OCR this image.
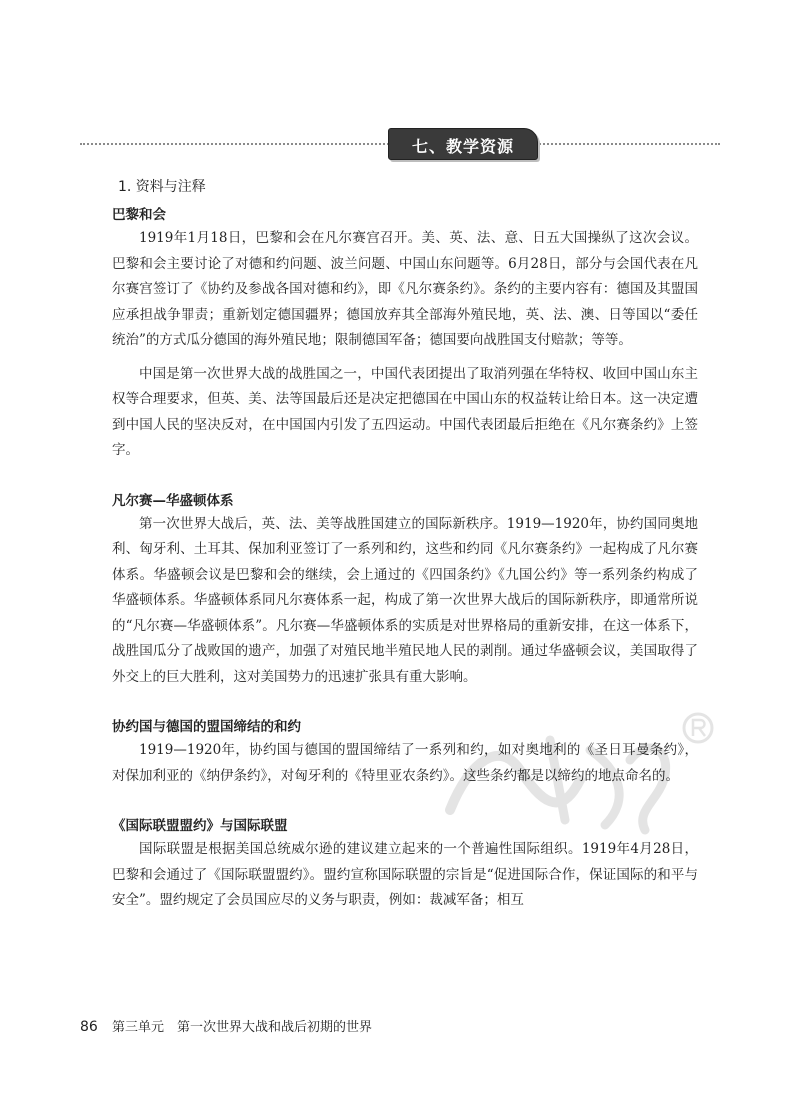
七、教学资源

1. 资料与注释

巴黎和会

1919年1月18日，巴黎和会在凡尔赛宫召开。美、英、法、意、日五大国操纵了这次会议。巴黎和会主要讨论了对德和约问题、波兰问题、中国山东问题等。6月28日，部分与会国代表在凡尔赛宫签订了《协约及参战各国对德和约》，即《凡尔赛条约》。条约的主要内容有：德国及其盟国应承担战争罪责；重新划定德国疆界；德国放弃其全部海外殖民地，英、法、澳、日等国以“委任统治”的方式瓜分德国的海外殖民地；限制德国军备；德国要向战胜国支付赔款；等等。

中国是第一次世界大战的战胜国之一，中国代表团提出了取消列强在华特权、收回中国山东主权等合理要求，但英、美、法等国最后还是决定把德国在中国山东的权益转让给日本。这一决定遭到中国人民的坚决反对，在中国国内引发了五四运动。中国代表团最后拒绝在《凡尔赛条约》上签字。

凡尔赛—华盛顿体系

第一次世界大战后，英、法、美等战胜国建立的国际新秩序。1919—1920年，协约国同奥地利、匈牙利、土耳其、保加利亚签订了一系列和约，这些和约同《凡尔赛条约》一起构成了凡尔赛体系。华盛顿会议是巴黎和会的继续，会上通过的《四国条约》《九国公约》等一系列条约构成了华盛顿体系。华盛顿体系同凡尔赛体系一起，构成了第一次世界大战后的国际新秩序，即通常所说的“凡尔赛—华盛顿体系”。凡尔赛—华盛顿体系的实质是对世界格局的重新安排，在这一体系下，战胜国瓜分了战败国的遗产，加强了对殖民地半殖民地人民的剥削。通过华盛顿会议，美国取得了外交上的巨大胜利，这对美国势力的迅速扩张具有重大影响。

协约国与德国的盟国缔结的和约

1919—1920年，协约国与德国的盟国缔结了一系列和约，如对奥地利的《圣日耳曼条约》，对保加利亚的《纳伊条约》，对匈牙利的《特里亚农条约》。这些条约都是以缔约的地点命名的。

《国际联盟盟约》与国际联盟

国际联盟是根据美国总统威尔逊的建议建立起来的一个普遍性国际组织。1919年4月28日，巴黎和会通过了《国际联盟盟约》。盟约宣称国际联盟的宗旨是“促进国际合作，保证国际的和平与安全”。盟约规定了会员国应尽的义务与职责，例如：裁减军备；相互

86 第三单元　第一次世界大战和战后初期的世界
